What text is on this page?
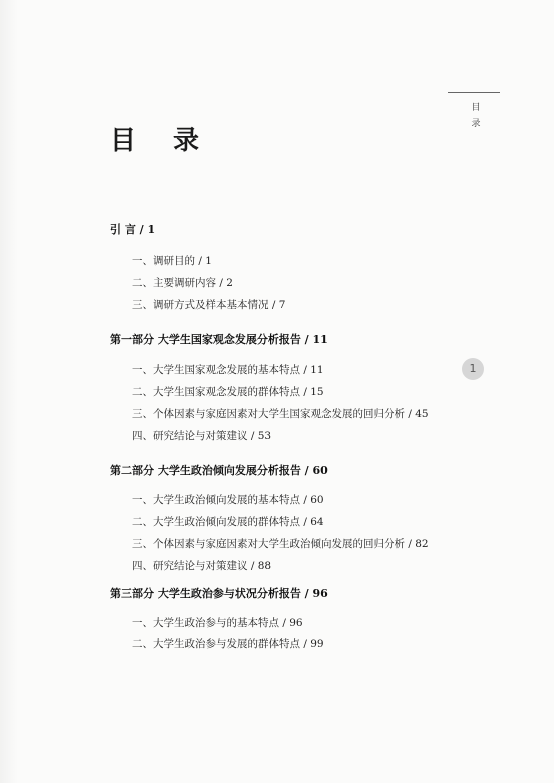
目
录
1
目 录
引 言 / 1
一、调研目的 / 1
二、主要调研内容 / 2
三、调研方式及样本基本情况 / 7
第一部分 大学生国家观念发展分析报告 / 11
一、大学生国家观念发展的基本特点 / 11
二、大学生国家观念发展的群体特点 / 15
三、个体因素与家庭因素对大学生国家观念发展的回归分析 / 45
四、研究结论与对策建议 / 53
第二部分 大学生政治倾向发展分析报告 / 60
一、大学生政治倾向发展的基本特点 / 60
二、大学生政治倾向发展的群体特点 / 64
三、个体因素与家庭因素对大学生政治倾向发展的回归分析 / 82
四、研究结论与对策建议 / 88
第三部分 大学生政治参与状况分析报告 / 96
一、大学生政治参与的基本特点 / 96
二、大学生政治参与发展的群体特点 / 99
